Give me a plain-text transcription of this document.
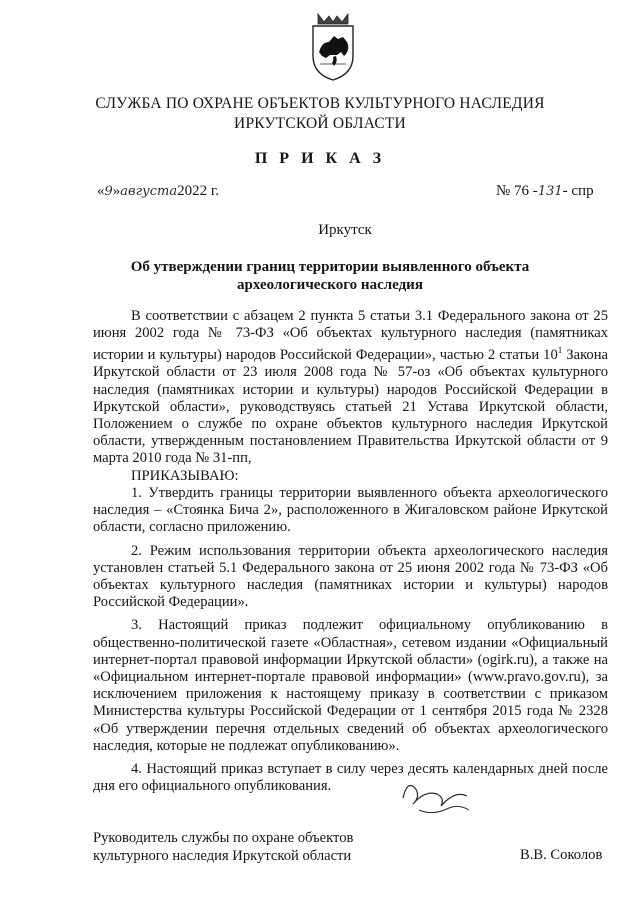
СЛУЖБА ПО ОХРАНЕ ОБЪЕКТОВ КУЛЬТУРНОГО НАСЛЕДИЯ
ИРКУТСКОЙ ОБЛАСТИ
П Р И К А З
«9»августа2022 г.	№ 76 -131- спр
Иркутск
Об утверждении границ территории выявленного объекта
археологического наследия

В соответствии с абзацем 2 пункта 5 статьи 3.1 Федерального закона от 25 июня 2002 года № 73-ФЗ «Об объектах культурного наследия (памятниках истории и культуры) народов Российской Федерации», частью 2 статьи $10^1$ Закона Иркутской области от 23 июля 2008 года № 57-оз «Об объектах культурного наследия (памятниках истории и культуры) народов Российской Федерации в Иркутской области», руководствуясь статьей 21 Устава Иркутской области, Положением о службе по охране объектов культурного наследия Иркутской области, утвержденным постановлением Правительства Иркутской области от 9 марта 2010 года № 31-пп,

ПРИКАЗЫВАЮ:

1. Утвердить границы территории выявленного объекта археологического наследия – «Стоянка Бича 2», расположенного в Жигаловском районе Иркутской области, согласно приложению.

2. Режим использования территории объекта археологического наследия установлен статьей 5.1 Федерального закона от 25 июня 2002 года № 73-ФЗ «Об объектах культурного наследия (памятниках истории и культуры) народов Российской Федерации».

3. Настоящий приказ подлежит официальному опубликованию в общественно-политической газете «Областная», сетевом издании «Официальный интернет-портал правовой информации Иркутской области» (ogirk.ru), а также на «Официальном интернет-портале правовой информации» (www.pravo.gov.ru), за исключением приложения к настоящему приказу в соответствии с приказом Министерства культуры Российской Федерации от 1 сентября 2015 года № 2328 «Об утверждении перечня отдельных сведений об объектах археологического наследия, которые не подлежат опубликованию».

4. Настоящий приказ вступает в силу через десять календарных дней после дня его официального опубликования.

Руководитель службы по охране объектов
культурного наследия Иркутской области	В.В. Соколов
